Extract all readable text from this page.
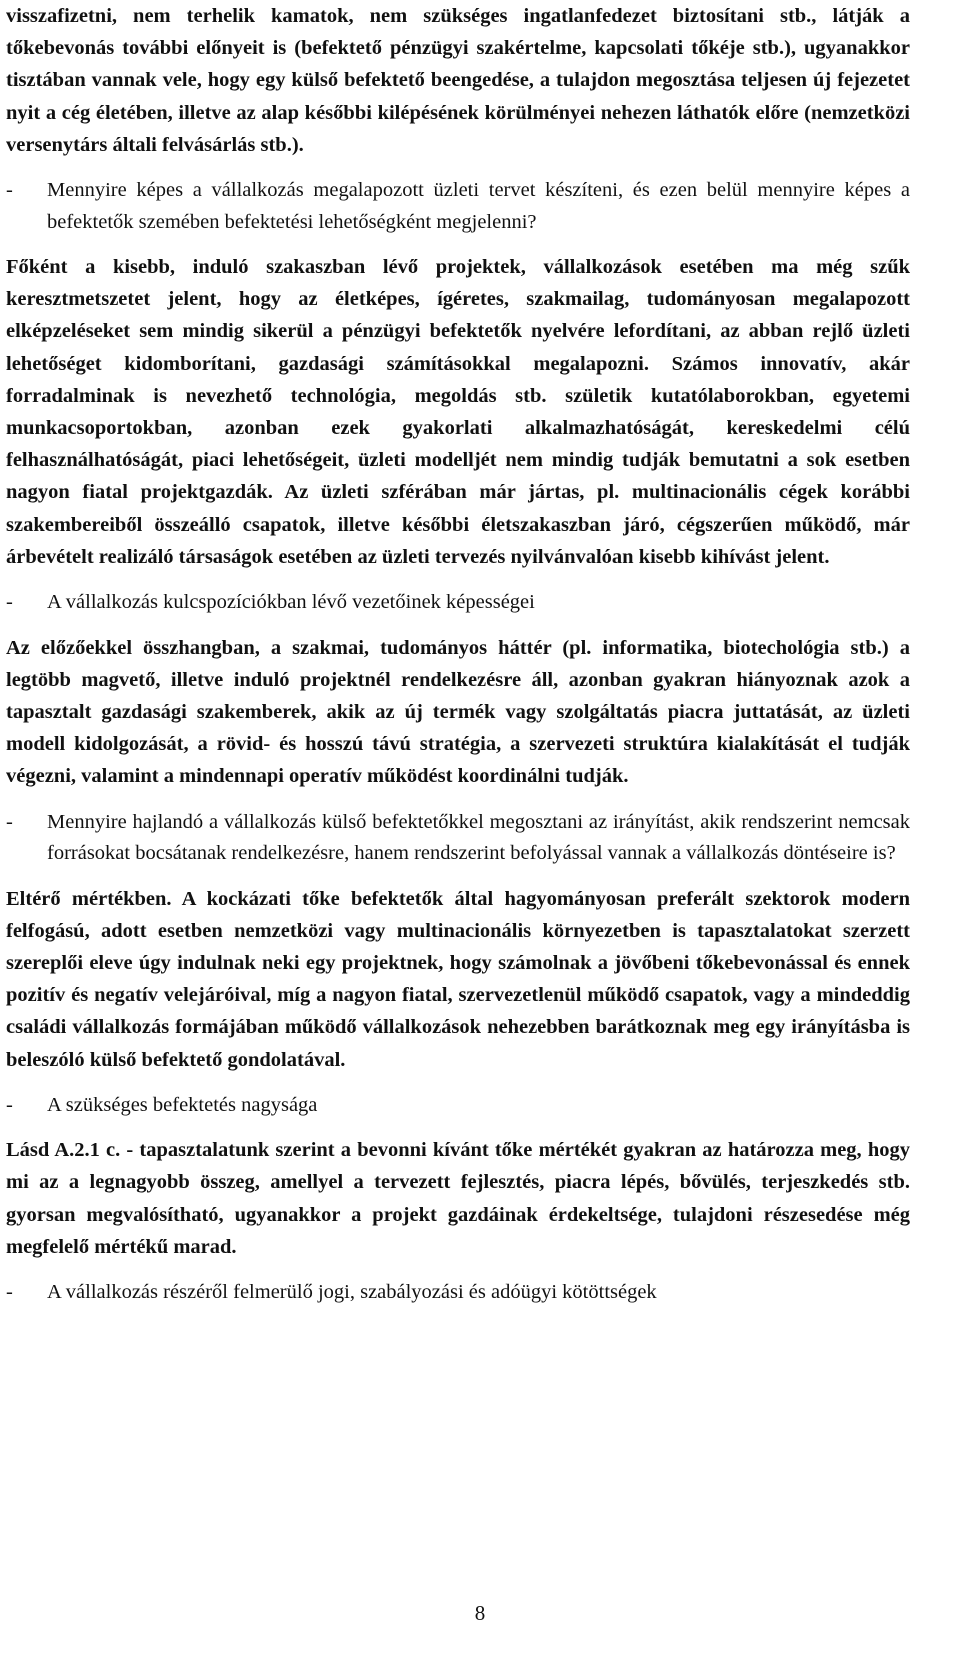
visszafizetni, nem terhelik kamatok, nem szükséges ingatlanfedezet biztosítani stb., látják a tőkebevonás további előnyeit is (befektető pénzügyi szakértelme, kapcsolati tőkéje stb.), ugyanakkor tisztában vannak vele, hogy egy külső befektető beengedése, a tulajdon megosztása teljesen új fejezetet nyit a cég életében, illetve az alap későbbi kilépésének körülményei nehezen láthatók előre (nemzetközi versenytárs általi felvásárlás stb.).

-	Mennyire képes a vállalkozás megalapozott üzleti tervet készíteni, és ezen belül mennyire képes a befektetők szemében befektetési lehetőségként megjelenni?

Főként a kisebb, induló szakaszban lévő projektek, vállalkozások esetében ma még szűk keresztmetszetet jelent, hogy az életképes, ígéretes, szakmailag, tudományosan megalapozott elképzeléseket sem mindig sikerül a pénzügyi befektetők nyelvére lefordítani, az abban rejlő üzleti lehetőséget kidomborítani, gazdasági számításokkal megalapozni. Számos innovatív, akár forradalminak is nevezhető technológia, megoldás stb. születik kutatólaborokban, egyetemi munkacsoportokban, azonban ezek gyakorlati alkalmazhatóságát, kereskedelmi célú felhasználhatóságát, piaci lehetőségeit, üzleti modelljét nem mindig tudják bemutatni a sok esetben nagyon fiatal projektgazdák. Az üzleti szférában már jártas, pl. multinacionális cégek korábbi szakembereiből összeálló csapatok, illetve későbbi életszakaszban járó, cégszerűen működő, már árbevételt realizáló társaságok esetében az üzleti tervezés nyilvánvalóan kisebb kihívást jelent.

-	A vállalkozás kulcspozíciókban lévő vezetőinek képességei

Az előzőekkel összhangban, a szakmai, tudományos háttér (pl. informatika, biotechológia stb.) a legtöbb magvető, illetve induló projektnél rendelkezésre áll, azonban gyakran hiányoznak azok a tapasztalt gazdasági szakemberek, akik az új termék vagy szolgáltatás piacra juttatását, az üzleti modell kidolgozását, a rövid- és hosszú távú stratégia, a szervezeti struktúra kialakítását el tudják végezni, valamint a mindennapi operatív működést koordinálni tudják.

-	Mennyire hajlandó a vállalkozás külső befektetőkkel megosztani az irányítást, akik rendszerint nemcsak forrásokat bocsátanak rendelkezésre, hanem rendszerint befolyással vannak a vállalkozás döntéseire is?

Eltérő mértékben. A kockázati tőke befektetők által hagyományosan preferált szektorok modern felfogású, adott esetben nemzetközi vagy multinacionális környezetben is tapasztalatokat szerzett szereplői eleve úgy indulnak neki egy projektnek, hogy számolnak a jövőbeni tőkebevonással és ennek pozitív és negatív velejáróival, míg a nagyon fiatal, szervezetlenül működő csapatok, vagy a mindeddig családi vállalkozás formájában működő vállalkozások nehezebben barátkoznak meg egy irányításba is beleszóló külső befektető gondolatával.

-	A szükséges befektetés nagysága

Lásd A.2.1 c. - tapasztalatunk szerint a bevonni kívánt tőke mértékét gyakran az határozza meg, hogy mi az a legnagyobb összeg, amellyel a tervezett fejlesztés, piacra lépés, bővülés, terjeszkedés stb. gyorsan megvalósítható, ugyanakkor a projekt gazdáinak érdekeltsége, tulajdoni részesedése még megfelelő mértékű marad.

-	A vállalkozás részéről felmerülő jogi, szabályozási és adóügyi kötöttségek
8
